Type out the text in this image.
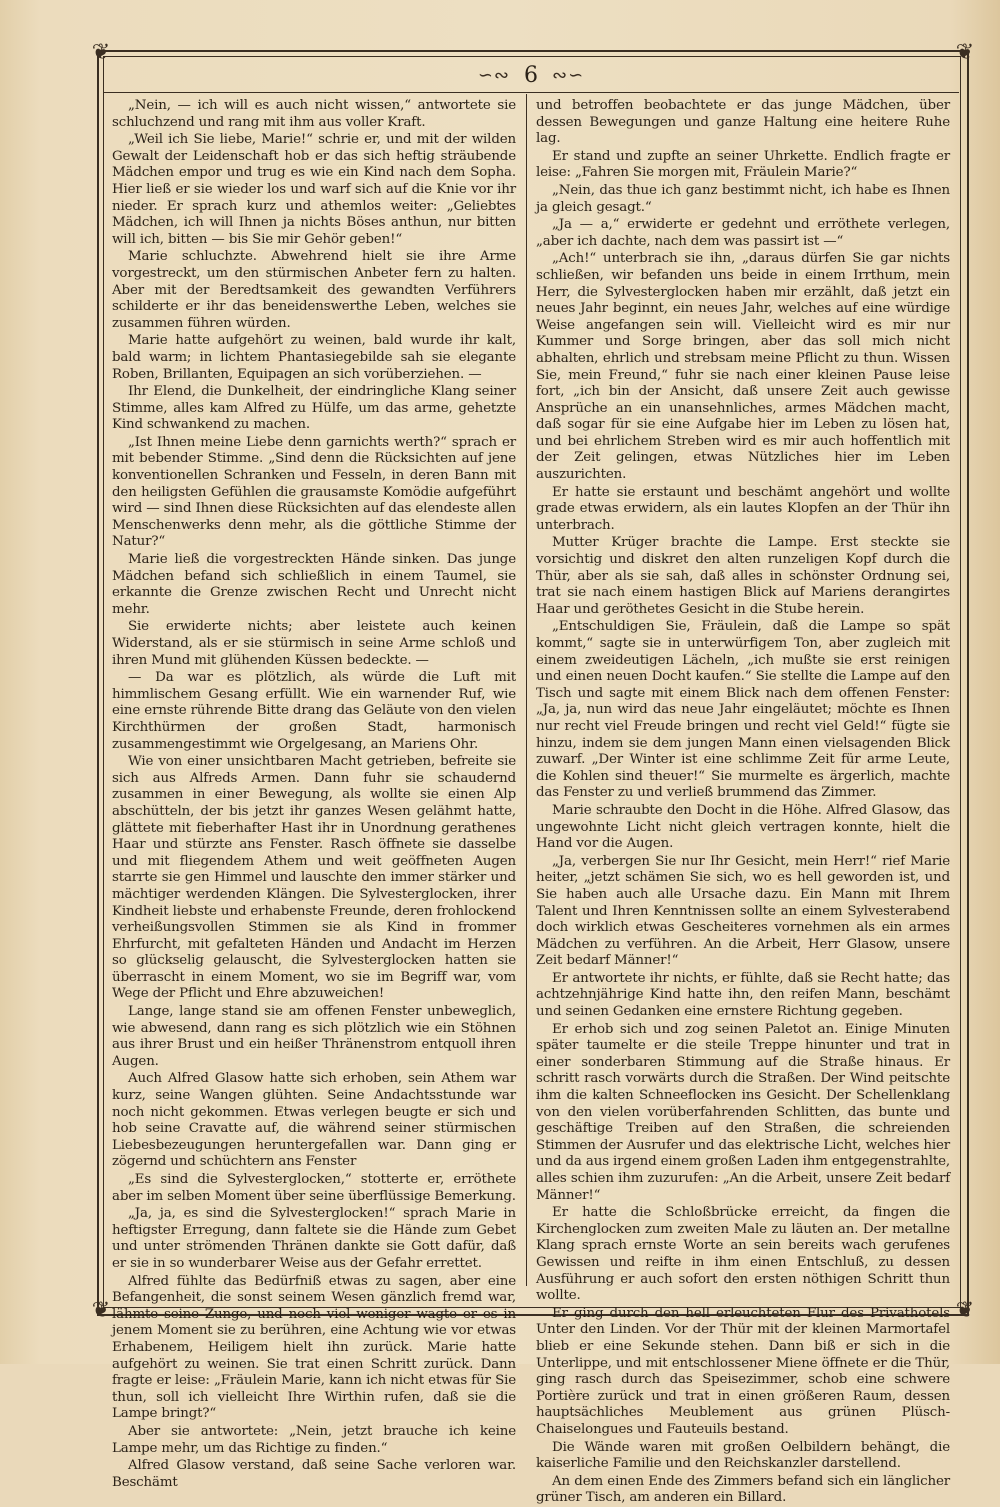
❦	❦
❦	❦
∽∾ 6 ∾∽

„Nein, — ich will es auch nicht wissen,“ antwortete sie schluchzend und rang mit ihm aus voller Kraft.

„Weil ich Sie liebe, Marie!“ schrie er, und mit der wilden Gewalt der Leidenschaft hob er das sich heftig sträubende Mädchen empor und trug es wie ein Kind nach dem Sopha. Hier ließ er sie wieder los und warf sich auf die Knie vor ihr nieder. Er sprach kurz und athemlos weiter: „Geliebtes Mädchen, ich will Ihnen ja nichts Böses anthun, nur bitten will ich, bitten — bis Sie mir Gehör geben!“

Marie schluchzte. Abwehrend hielt sie ihre Arme vorgestreckt, um den stürmischen Anbeter fern zu halten. Aber mit der Beredtsamkeit des gewandten Verführers schilderte er ihr das beneidenswerthe Leben, welches sie zusammen führen würden.

Marie hatte aufgehört zu weinen, bald wurde ihr kalt, bald warm; in lichtem Phantasiegebilde sah sie elegante Roben, Brillanten, Equipagen an sich vorüberziehen. —

Ihr Elend, die Dunkelheit, der eindringliche Klang seiner Stimme, alles kam Alfred zu Hülfe, um das arme, gehetzte Kind schwankend zu machen.

„Ist Ihnen meine Liebe denn garnichts werth?“ sprach er mit bebender Stimme. „Sind denn die Rücksichten auf jene konventionellen Schranken und Fesseln, in deren Bann mit den heiligsten Gefühlen die grausamste Komödie aufgeführt wird — sind Ihnen diese Rücksichten auf das elendeste allen Menschenwerks denn mehr, als die göttliche Stimme der Natur?“

Marie ließ die vorgestreckten Hände sinken. Das junge Mädchen befand sich schließlich in einem Taumel, sie erkannte die Grenze zwischen Recht und Unrecht nicht mehr.

Sie erwiderte nichts; aber leistete auch keinen Widerstand, als er sie stürmisch in seine Arme schloß und ihren Mund mit glühenden Küssen bedeckte. —

— Da war es plötzlich, als würde die Luft mit himmlischem Gesang erfüllt. Wie ein warnender Ruf, wie eine ernste rührende Bitte drang das Geläute von den vielen Kirchthürmen der großen Stadt, harmonisch zusammengestimmt wie Orgelgesang, an Mariens Ohr.

Wie von einer unsichtbaren Macht getrieben, befreite sie sich aus Alfreds Armen. Dann fuhr sie schaudernd zusammen in einer Bewegung, als wollte sie einen Alp abschütteln, der bis jetzt ihr ganzes Wesen gelähmt hatte, glättete mit fieberhafter Hast ihr in Unordnung gerathenes Haar und stürzte ans Fenster. Rasch öffnete sie dasselbe und mit fliegendem Athem und weit geöffneten Augen starrte sie gen Himmel und lauschte den immer stärker und mächtiger werdenden Klängen. Die Sylvesterglocken, ihrer Kindheit liebste und erhabenste Freunde, deren frohlockend verheißungsvollen Stimmen sie als Kind in frommer Ehrfurcht, mit gefalteten Händen und Andacht im Herzen so glückselig gelauscht, die Sylvesterglocken hatten sie überrascht in einem Moment, wo sie im Begriff war, vom Wege der Pflicht und Ehre abzuweichen!

Lange, lange stand sie am offenen Fenster unbeweglich, wie abwesend, dann rang es sich plötzlich wie ein Stöhnen aus ihrer Brust und ein heißer Thränenstrom entquoll ihren Augen.

Auch Alfred Glasow hatte sich erhoben, sein Athem war kurz, seine Wangen glühten. Seine Andachtsstunde war noch nicht gekommen. Etwas verlegen beugte er sich und hob seine Cravatte auf, die während seiner stürmischen Liebesbezeugungen heruntergefallen war. Dann ging er zögernd und schüchtern ans Fenster

„Es sind die Sylvesterglocken,“ stotterte er, erröthete aber im selben Moment über seine überflüssige Bemerkung.

„Ja, ja, es sind die Sylvesterglocken!“ sprach Marie in heftigster Erregung, dann faltete sie die Hände zum Gebet und unter strömenden Thränen dankte sie Gott dafür, daß er sie in so wunderbarer Weise aus der Gefahr errettet.

Alfred fühlte das Bedürfniß etwas zu sagen, aber eine Befangenheit, die sonst seinem Wesen gänzlich fremd war, lähmte seine Zunge, und noch viel weniger wagte er es in jenem Moment sie zu berühren, eine Achtung wie vor etwas Erhabenem, Heiligem hielt ihn zurück. Marie hatte aufgehört zu weinen. Sie trat einen Schritt zurück. Dann fragte er leise: „Fräulein Marie, kann ich nicht etwas für Sie thun, soll ich vielleicht Ihre Wirthin rufen, daß sie die Lampe bringt?“

Aber sie antwortete: „Nein, jetzt brauche ich keine Lampe mehr, um das Richtige zu finden.“

Alfred Glasow verstand, daß seine Sache verloren war. Beschämt

und betroffen beobachtete er das junge Mädchen, über dessen Bewegungen und ganze Haltung eine heitere Ruhe lag.

Er stand und zupfte an seiner Uhrkette. Endlich fragte er leise: „Fahren Sie morgen mit, Fräulein Marie?“

„Nein, das thue ich ganz bestimmt nicht, ich habe es Ihnen ja gleich gesagt.“

„Ja — a,“ erwiderte er gedehnt und erröthete verlegen, „aber ich dachte, nach dem was passirt ist —“

„Ach!“ unterbrach sie ihn, „daraus dürfen Sie gar nichts schließen, wir befanden uns beide in einem Irrthum, mein Herr, die Sylvesterglocken haben mir erzählt, daß jetzt ein neues Jahr beginnt, ein neues Jahr, welches auf eine würdige Weise angefangen sein will. Vielleicht wird es mir nur Kummer und Sorge bringen, aber das soll mich nicht abhalten, ehrlich und strebsam meine Pflicht zu thun. Wissen Sie, mein Freund,“ fuhr sie nach einer kleinen Pause leise fort, „ich bin der Ansicht, daß unsere Zeit auch gewisse Ansprüche an ein unansehnliches, armes Mädchen macht, daß sogar für sie eine Aufgabe hier im Leben zu lösen hat, und bei ehrlichem Streben wird es mir auch hoffentlich mit der Zeit gelingen, etwas Nützliches hier im Leben auszurichten.

Er hatte sie erstaunt und beschämt angehört und wollte grade etwas erwidern, als ein lautes Klopfen an der Thür ihn unterbrach.

Mutter Krüger brachte die Lampe. Erst steckte sie vorsichtig und diskret den alten runzeligen Kopf durch die Thür, aber als sie sah, daß alles in schönster Ordnung sei, trat sie nach einem hastigen Blick auf Mariens derangirtes Haar und geröthetes Gesicht in die Stube herein.

„Entschuldigen Sie, Fräulein, daß die Lampe so spät kommt,“ sagte sie in unterwürfigem Ton, aber zugleich mit einem zweideutigen Lächeln, „ich mußte sie erst reinigen und einen neuen Docht kaufen.“ Sie stellte die Lampe auf den Tisch und sagte mit einem Blick nach dem offenen Fenster: „Ja, ja, nun wird das neue Jahr eingeläutet; möchte es Ihnen nur recht viel Freude bringen und recht viel Geld!“ fügte sie hinzu, indem sie dem jungen Mann einen vielsagenden Blick zuwarf. „Der Winter ist eine schlimme Zeit für arme Leute, die Kohlen sind theuer!“ Sie murmelte es ärgerlich, machte das Fenster zu und verließ brummend das Zimmer.

Marie schraubte den Docht in die Höhe. Alfred Glasow, das ungewohnte Licht nicht gleich vertragen konnte, hielt die Hand vor die Augen.

„Ja, verbergen Sie nur Ihr Gesicht, mein Herr!“ rief Marie heiter, „jetzt schämen Sie sich, wo es hell geworden ist, und Sie haben auch alle Ursache dazu. Ein Mann mit Ihrem Talent und Ihren Kenntnissen sollte an einem Sylvesterabend doch wirklich etwas Gescheiteres vornehmen als ein armes Mädchen zu verführen. An die Arbeit, Herr Glasow, unsere Zeit bedarf Männer!“

Er antwortete ihr nichts, er fühlte, daß sie Recht hatte; das achtzehnjährige Kind hatte ihn, den reifen Mann, beschämt und seinen Gedanken eine ernstere Richtung gegeben.

Er erhob sich und zog seinen Paletot an. Einige Minuten später taumelte er die steile Treppe hinunter und trat in einer sonderbaren Stimmung auf die Straße hinaus. Er schritt rasch vorwärts durch die Straßen. Der Wind peitschte ihm die kalten Schneeflocken ins Gesicht. Der Schellenklang von den vielen vorüberfahrenden Schlitten, das bunte und geschäftige Treiben auf den Straßen, die schreienden Stimmen der Ausrufer und das elektrische Licht, welches hier und da aus irgend einem großen Laden ihm entgegenstrahlte, alles schien ihm zuzurufen: „An die Arbeit, unsere Zeit bedarf Männer!“

Er hatte die Schloßbrücke erreicht, da fingen die Kirchenglocken zum zweiten Male zu läuten an. Der metallne Klang sprach ernste Worte an sein bereits wach gerufenes Gewissen und reifte in ihm einen Entschluß, zu dessen Ausführung er auch sofort den ersten nöthigen Schritt thun wollte.

Er ging durch den hell erleuchteten Flur des Privathotels Unter den Linden. Vor der Thür mit der kleinen Marmortafel blieb er eine Sekunde stehen. Dann biß er sich in die Unterlippe, und mit entschlossener Miene öffnete er die Thür, ging rasch durch das Speisezimmer, schob eine schwere Portière zurück und trat in einen größeren Raum, dessen hauptsächliches Meublement aus grünen Plüsch-Chaiselongues und Fauteuils bestand.

Die Wände waren mit großen Oelbildern behängt, die kaiserliche Familie und den Reichskanzler darstellend.

An dem einen Ende des Zimmers befand sich ein länglicher grüner Tisch, am anderen ein Billard.
